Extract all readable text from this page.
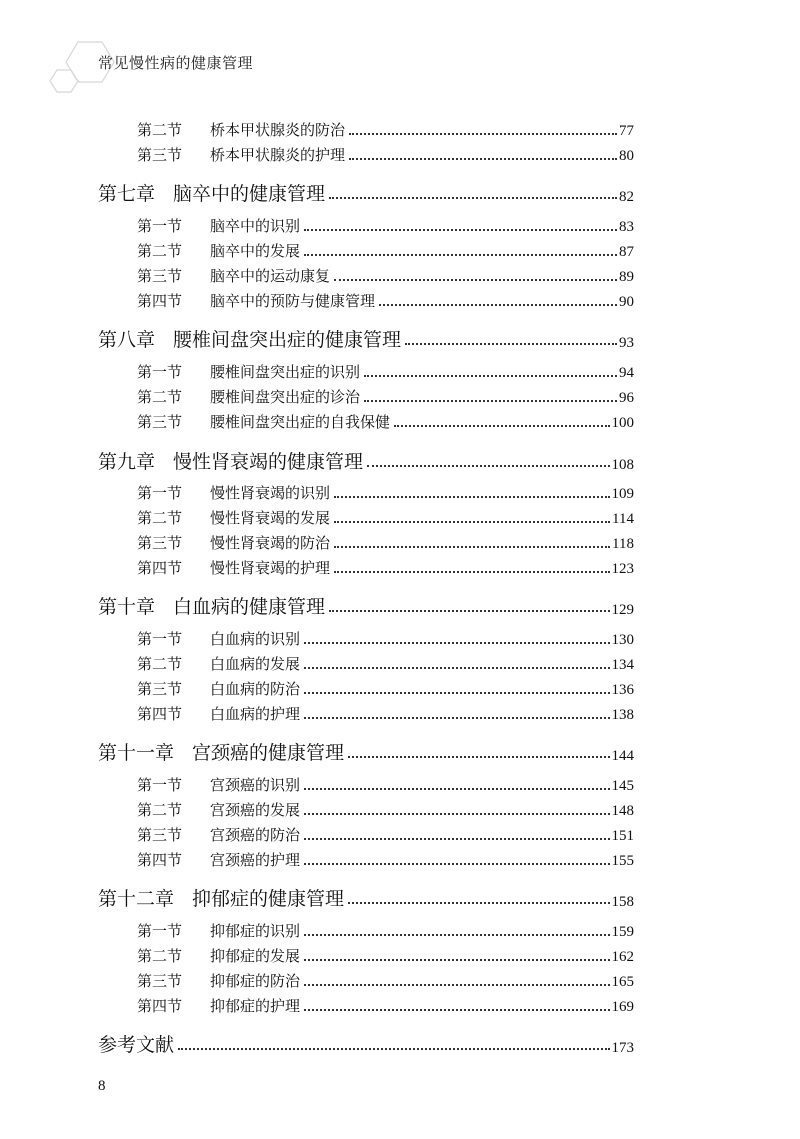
常见慢性病的健康管理
第二节	桥本甲状腺炎的防治	77
第三节	桥本甲状腺炎的护理	80
第七章 脑卒中的健康管理	82
第一节	脑卒中的识别	83
第二节	脑卒中的发展	87
第三节	脑卒中的运动康复	89
第四节	脑卒中的预防与健康管理	90
第八章 腰椎间盘突出症的健康管理	93
第一节	腰椎间盘突出症的识别	94
第二节	腰椎间盘突出症的诊治	96
第三节	腰椎间盘突出症的自我保健	100
第九章 慢性肾衰竭的健康管理	108
第一节	慢性肾衰竭的识别	109
第二节	慢性肾衰竭的发展	114
第三节	慢性肾衰竭的防治	118
第四节	慢性肾衰竭的护理	123
第十章 白血病的健康管理	129
第一节	白血病的识别	130
第二节	白血病的发展	134
第三节	白血病的防治	136
第四节	白血病的护理	138
第十一章 宫颈癌的健康管理	144
第一节	宫颈癌的识别	145
第二节	宫颈癌的发展	148
第三节	宫颈癌的防治	151
第四节	宫颈癌的护理	155
第十二章 抑郁症的健康管理	158
第一节	抑郁症的识别	159
第二节	抑郁症的发展	162
第三节	抑郁症的防治	165
第四节	抑郁症的护理	169
参考文献	173
8
